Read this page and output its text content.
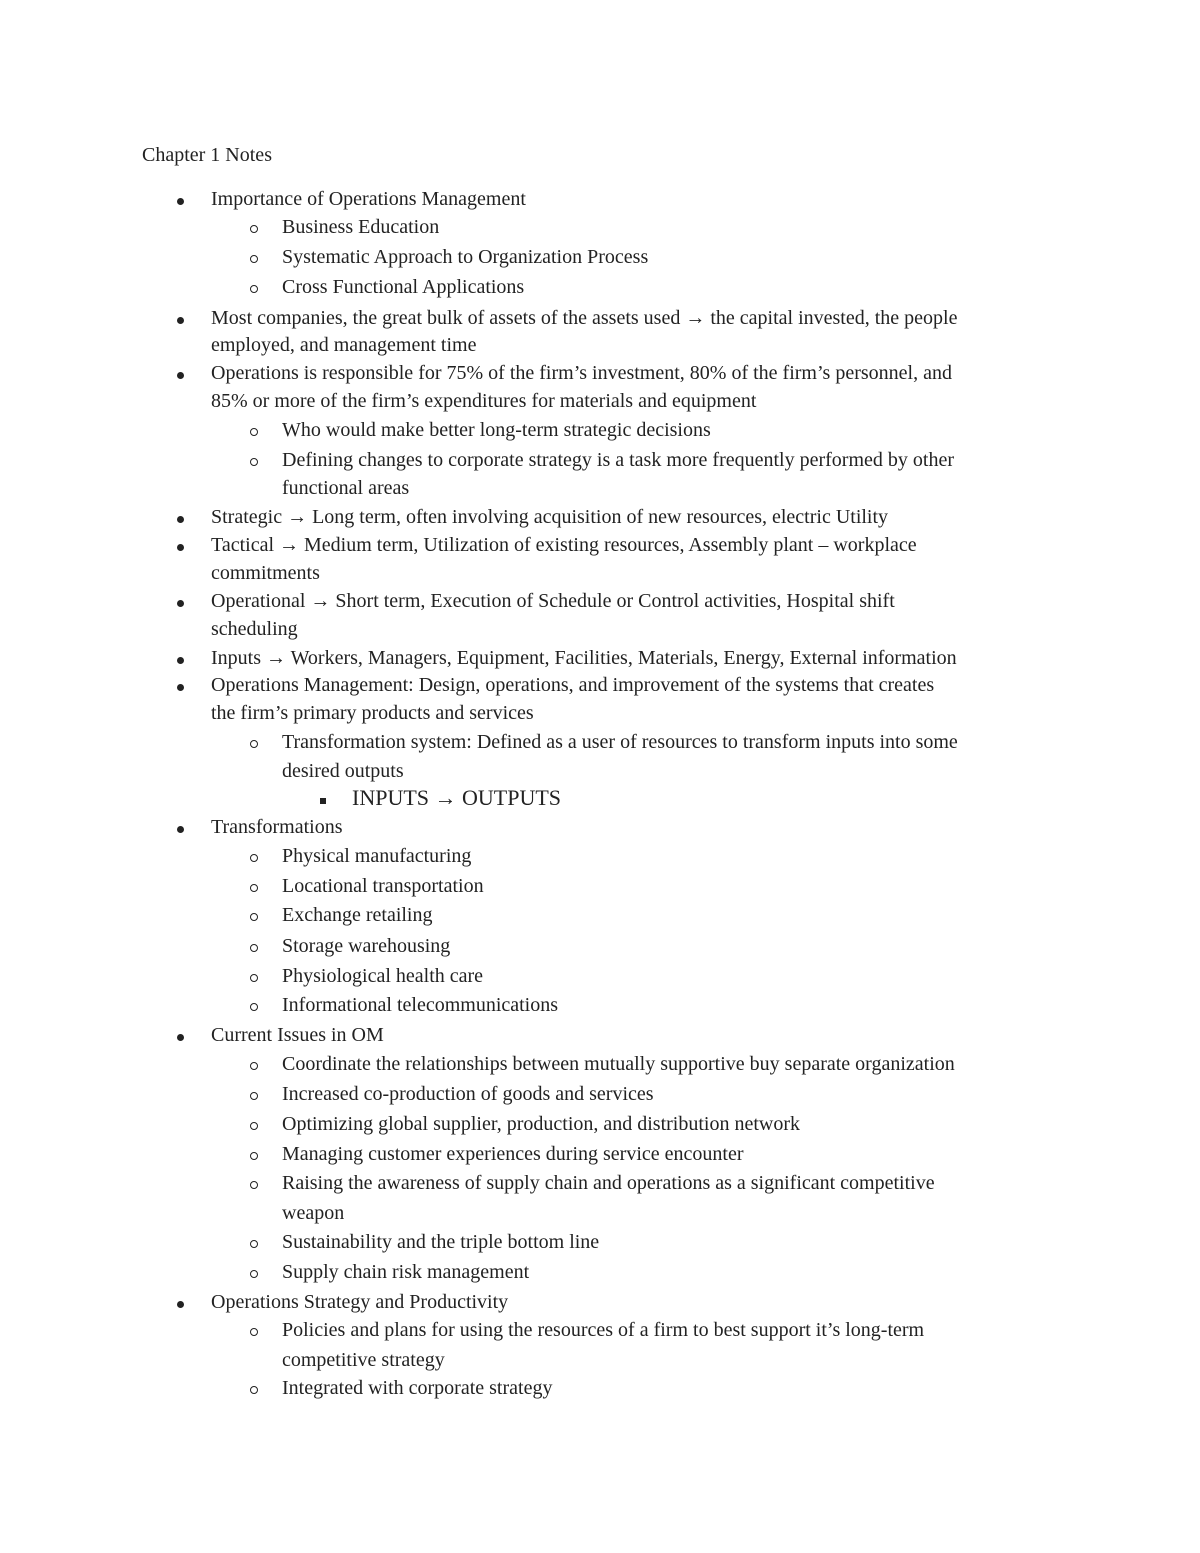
Chapter 1 Notes
Importance of Operations Management
Business Education
Systematic Approach to Organization Process
Cross Functional Applications
Most companies, the great bulk of assets of the assets used → the capital invested, the people
employed, and management time
Operations is responsible for 75% of the firm’s investment, 80% of the firm’s personnel, and
85% or more of the firm’s expenditures for materials and equipment
Who would make better long-term strategic decisions
Defining changes to corporate strategy is a task more frequently performed by other
functional areas
Strategic → Long term, often involving acquisition of new resources, electric Utility
Tactical → Medium term, Utilization of existing resources, Assembly plant – workplace
commitments
Operational → Short term, Execution of Schedule or Control activities, Hospital shift
scheduling
Inputs → Workers, Managers, Equipment, Facilities, Materials, Energy, External information
Operations Management: Design, operations, and improvement of the systems that creates
the firm’s primary products and services
Transformation system: Defined as a user of resources to transform inputs into some
desired outputs
INPUTS → OUTPUTS
Transformations
Physical manufacturing
Locational transportation
Exchange retailing
Storage warehousing
Physiological health care
Informational telecommunications
Current Issues in OM
Coordinate the relationships between mutually supportive buy separate organization
Increased co-production of goods and services
Optimizing global supplier, production, and distribution network
Managing customer experiences during service encounter
Raising the awareness of supply chain and operations as a significant competitive
weapon
Sustainability and the triple bottom line
Supply chain risk management
Operations Strategy and Productivity
Policies and plans for using the resources of a firm to best support it’s long-term
competitive strategy
Integrated with corporate strategy
